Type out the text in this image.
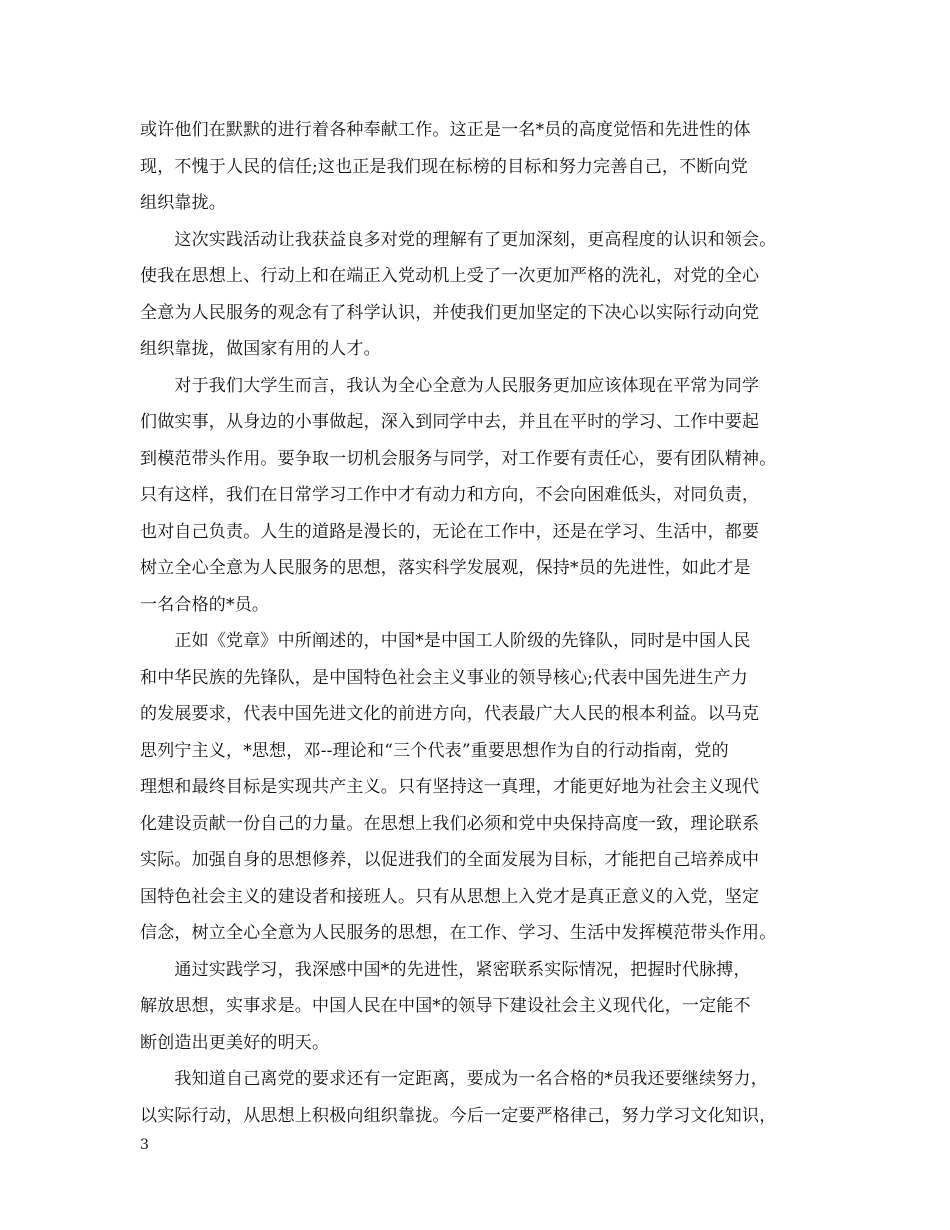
或许他们在默默的进行着各种奉献工作。这正是一名*员的高度觉悟和先进性的体
现，不愧于人民的信任;这也正是我们现在标榜的目标和努力完善自己，不断向党
组织靠拢。
　　这次实践活动让我获益良多对党的理解有了更加深刻，更高程度的认识和领会。
使我在思想上、行动上和在端正入党动机上受了一次更加严格的洗礼，对党的全心
全意为人民服务的观念有了科学认识，并使我们更加坚定的下决心以实际行动向党
组织靠拢，做国家有用的人才。
　　对于我们大学生而言，我认为全心全意为人民服务更加应该体现在平常为同学
们做实事，从身边的小事做起，深入到同学中去，并且在平时的学习、工作中要起
到模范带头作用。要争取一切机会服务与同学，对工作要有责任心，要有团队精神。
只有这样，我们在日常学习工作中才有动力和方向，不会向困难低头，对同负责，
也对自己负责。人生的道路是漫长的，无论在工作中，还是在学习、生活中，都要
树立全心全意为人民服务的思想，落实科学发展观，保持*员的先进性，如此才是
一名合格的*员。
　　正如《党章》中所阐述的，中国*是中国工人阶级的先锋队，同时是中国人民
和中华民族的先锋队，是中国特色社会主义事业的领导核心;代表中国先进生产力
的发展要求，代表中国先进文化的前进方向，代表最广大人民的根本利益。以马克
思列宁主义，*思想，邓--理论和“三个代表”重要思想作为自的行动指南，党的
理想和最终目标是实现共产主义。只有坚持这一真理，才能更好地为社会主义现代
化建设贡献一份自己的力量。在思想上我们必须和党中央保持高度一致，理论联系
实际。加强自身的思想修养，以促进我们的全面发展为目标，才能把自己培养成中
国特色社会主义的建设者和接班人。只有从思想上入党才是真正意义的入党，坚定
信念，树立全心全意为人民服务的思想，在工作、学习、生活中发挥模范带头作用。
　　通过实践学习，我深感中国*的先进性，紧密联系实际情况，把握时代脉搏，
解放思想，实事求是。中国人民在中国*的领导下建设社会主义现代化，一定能不
断创造出更美好的明天。
　　我知道自己离党的要求还有一定距离，要成为一名合格的*员我还要继续努力，
以实际行动，从思想上积极向组织靠拢。今后一定要严格律己，努力学习文化知识，
3
